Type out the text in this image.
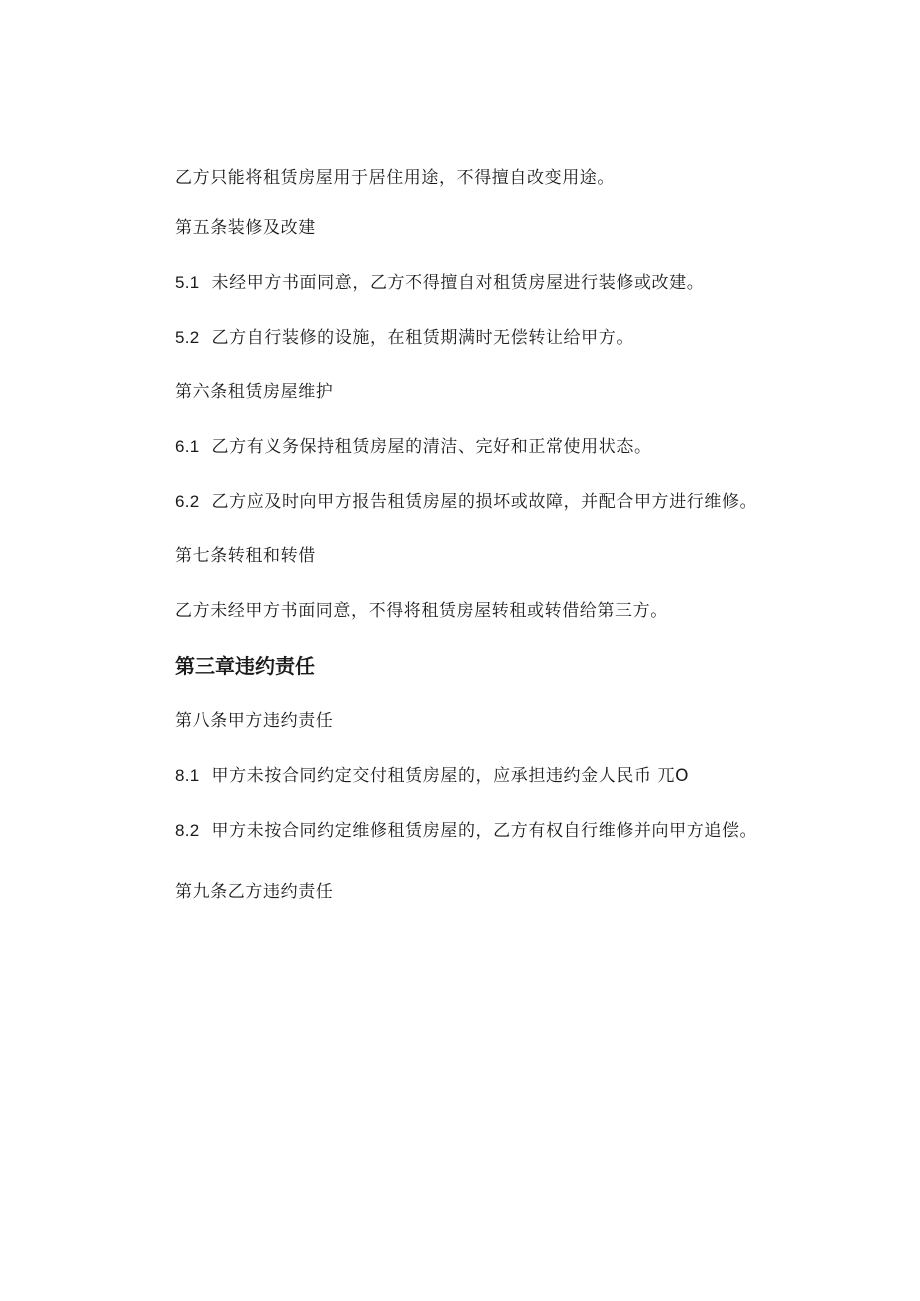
乙方只能将租赁房屋用于居住用途，不得擅自改变用途。
第五条装修及改建
5.1 未经甲方书面同意，乙方不得擅自对租赁房屋进行装修或改建。
5.2 乙方自行装修的设施，在租赁期满时无偿转让给甲方。
第六条租赁房屋维护
6.1 乙方有义务保持租赁房屋的清洁、完好和正常使用状态。
6.2 乙方应及时向甲方报告租赁房屋的损坏或故障，并配合甲方进行维修。
第七条转租和转借
乙方未经甲方书面同意，不得将租赁房屋转租或转借给第三方。
第三章违约责任
第八条甲方违约责任
8.1 甲方未按合同约定交付租赁房屋的，应承担违约金人民币 兀O
8.2 甲方未按合同约定维修租赁房屋的，乙方有权自行维修并向甲方追偿。
第九条乙方违约责任
